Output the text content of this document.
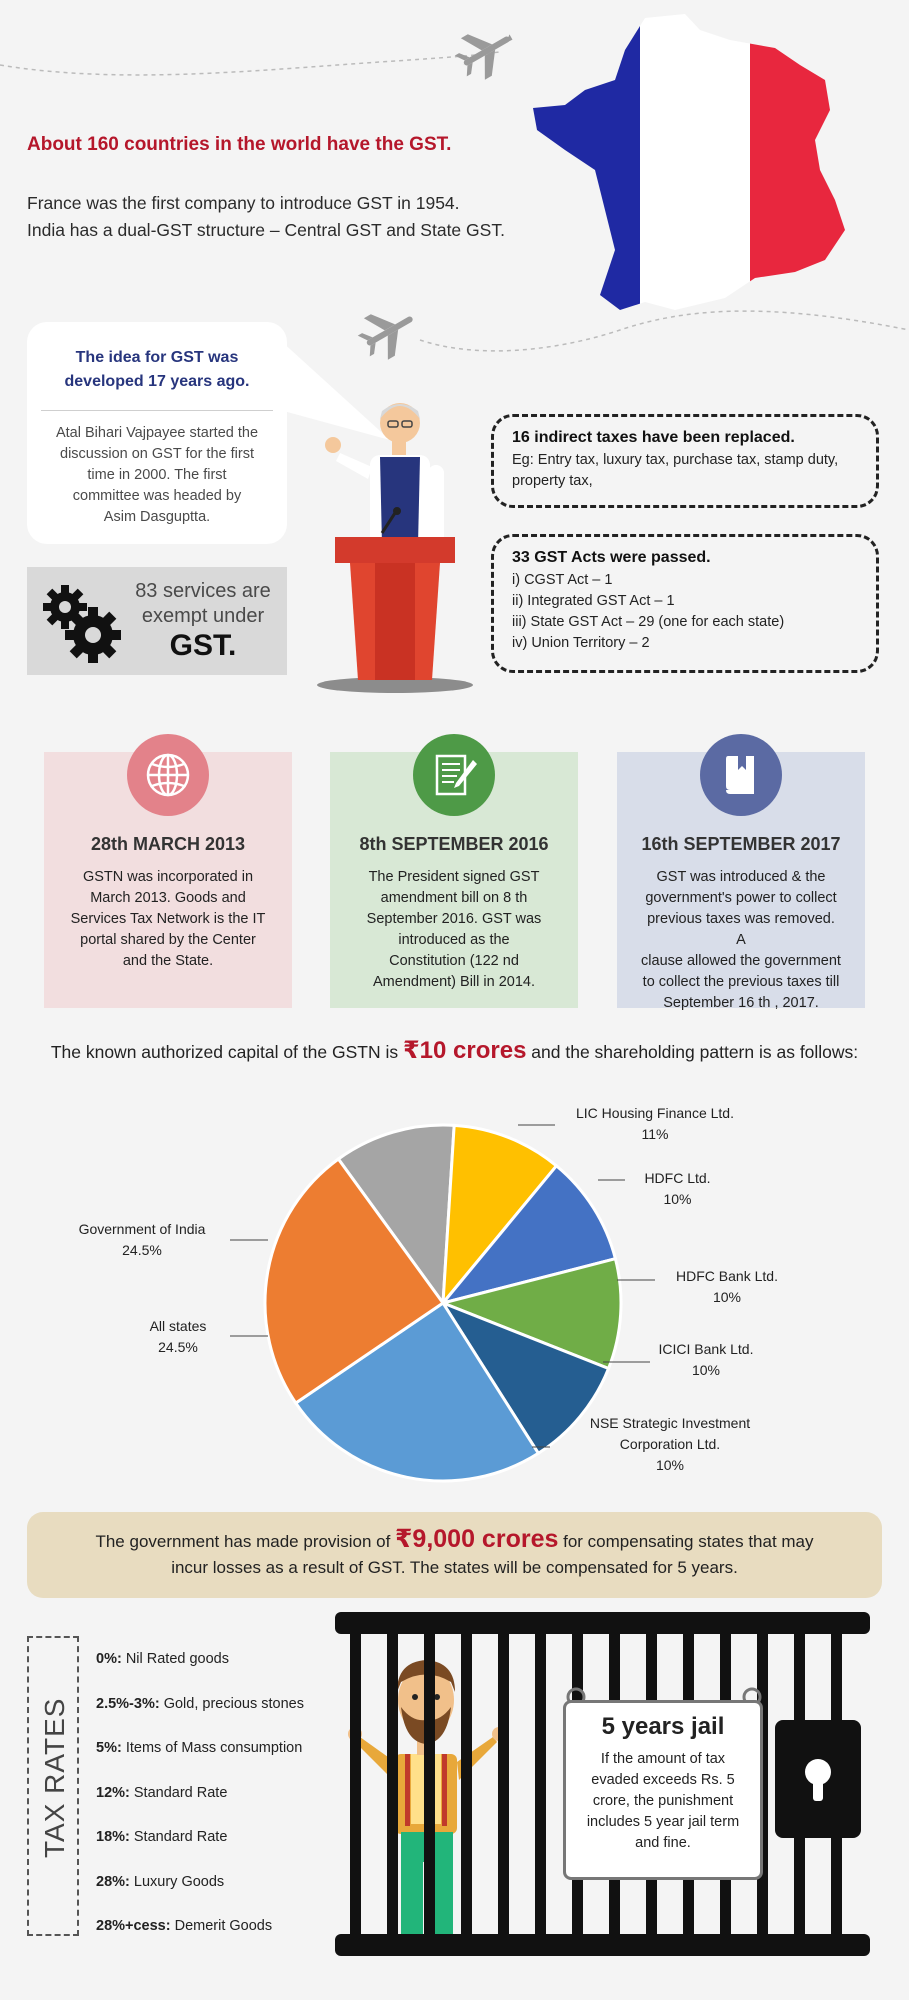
About 160 countries in the world have the GST.
France was the first company to introduce GST in 1954.
India has a dual-GST structure – Central GST and State GST.
The idea for GST was
developed 17 years ago.
Atal Bihari Vajpayee started the
discussion on GST for the first
time in 2000. The first
committee was headed by
Asim Dasguptta.
83 services are
exempt under
GST.
16 indirect taxes have been replaced.
Eg: Entry tax, luxury tax, purchase tax, stamp duty,
property tax,
33 GST Acts were passed.
i) CGST Act – 1
ii) Integrated GST Act – 1
iii) State GST Act – 29 (one for each state)
iv) Union Territory – 2
28th MARCH 2013
GSTN was incorporated in
March 2013. Goods and
Services Tax Network is the IT
portal shared by the Center
and the State.
8th SEPTEMBER 2016
The President signed GST
amendment bill on 8 th
September 2016. GST was
introduced as the
Constitution (122 nd
Amendment) Bill in 2014.
16th SEPTEMBER 2017
GST was introduced & the
government's power to collect
previous taxes was removed. A
clause allowed the government
to collect the previous taxes till
September 16 th , 2017.
The known authorized capital of the GSTN is ₹10 crores and the shareholding pattern is as follows:
LIC Housing Finance Ltd.
11%
HDFC Ltd.
10%
HDFC Bank Ltd.
10%
ICICI Bank Ltd.
10%
NSE Strategic Investment
Corporation Ltd.
10%
Government of India
24.5%
All states
24.5%
The government has made provision of ₹9,000 crores for compensating states that may
incur losses as a result of GST. The states will be compensated for 5 years.
TAX RATES
0%: Nil Rated goods
2.5%-3%: Gold, precious stones
5%: Items of Mass consumption
12%: Standard Rate
18%: Standard Rate
28%: Luxury Goods
28%+cess: Demerit Goods
5 years jail
If the amount of tax
evaded exceeds Rs. 5
crore, the punishment
includes 5 year jail term
and fine.
